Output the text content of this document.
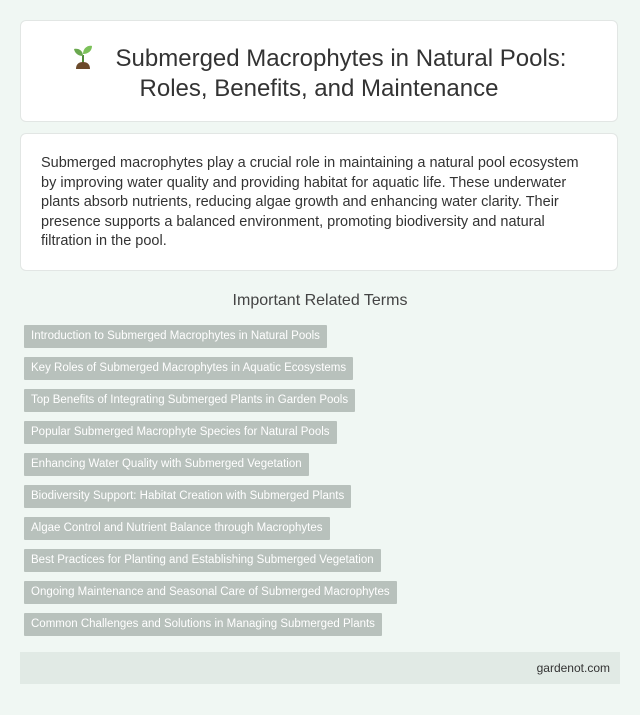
Submerged Macrophytes in Natural Pools:
Roles, Benefits, and Maintenance

Submerged macrophytes play a crucial role in maintaining a natural pool ecosystem by improving water quality and providing habitat for aquatic life. These underwater plants absorb nutrients, reducing algae growth and enhancing water clarity. Their presence supports a balanced environment, promoting biodiversity and natural filtration in the pool.

Important Related Terms
Introduction to Submerged Macrophytes in Natural Pools
Key Roles of Submerged Macrophytes in Aquatic Ecosystems
Top Benefits of Integrating Submerged Plants in Garden Pools
Popular Submerged Macrophyte Species for Natural Pools
Enhancing Water Quality with Submerged Vegetation
Biodiversity Support: Habitat Creation with Submerged Plants
Algae Control and Nutrient Balance through Macrophytes
Best Practices for Planting and Establishing Submerged Vegetation
Ongoing Maintenance and Seasonal Care of Submerged Macrophytes
Common Challenges and Solutions in Managing Submerged Plants
gardenot.com
